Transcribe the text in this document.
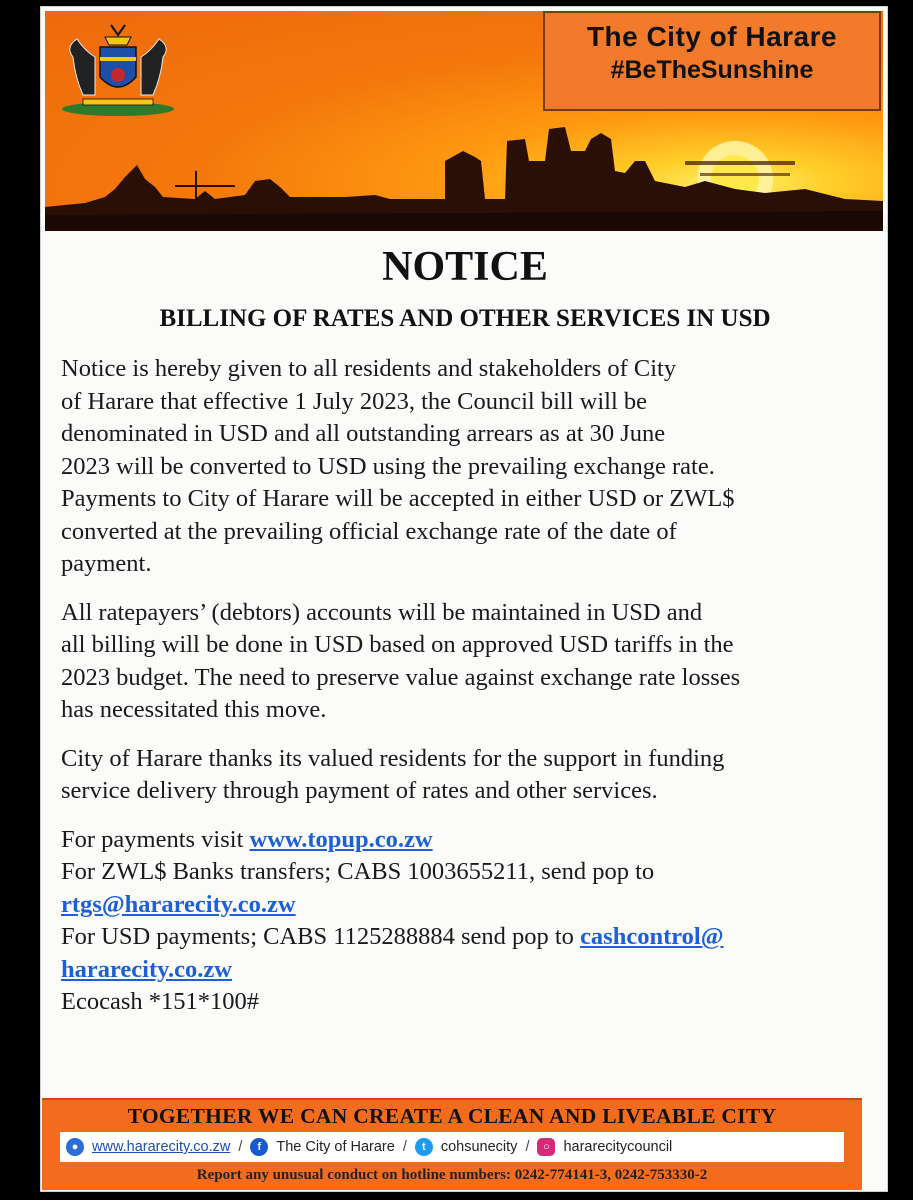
The City of Harare
#BeTheSunshine
NOTICE
BILLING OF RATES AND OTHER SERVICES IN USD

Notice is hereby given to all residents and stakeholders of City
of Harare that effective 1 July 2023, the Council bill will be
denominated in USD and all outstanding arrears as at 30 June
2023 will be converted to USD using the prevailing exchange rate.
Payments to City of Harare will be accepted in either USD or ZWL$
converted at the prevailing official exchange rate of the date of
payment.

All ratepayers’ (debtors) accounts will be maintained in USD and
all billing will be done in USD based on approved USD tariffs in the
2023 budget. The need to preserve value against exchange rate losses
has necessitated this move.

City of Harare thanks its valued residents for the support in funding
service delivery through payment of rates and other services.

For payments visit www.topup.co.zw
For ZWL$ Banks transfers; CABS 1003655211, send pop to
rtgs@hararecity.co.zw
For USD payments; CABS 1125288884 send pop to cashcontrol@
hararecity.co.zw
Ecocash *151*100#

TOGETHER WE CAN CREATE A CLEAN AND LIVEABLE CITY
● www.hararecity.co.zw /	f	The City of Harare /	t	cohsunecity /	○ hararecitycouncil
Report any unusual conduct on hotline numbers: 0242-774141-3, 0242-753330-2
